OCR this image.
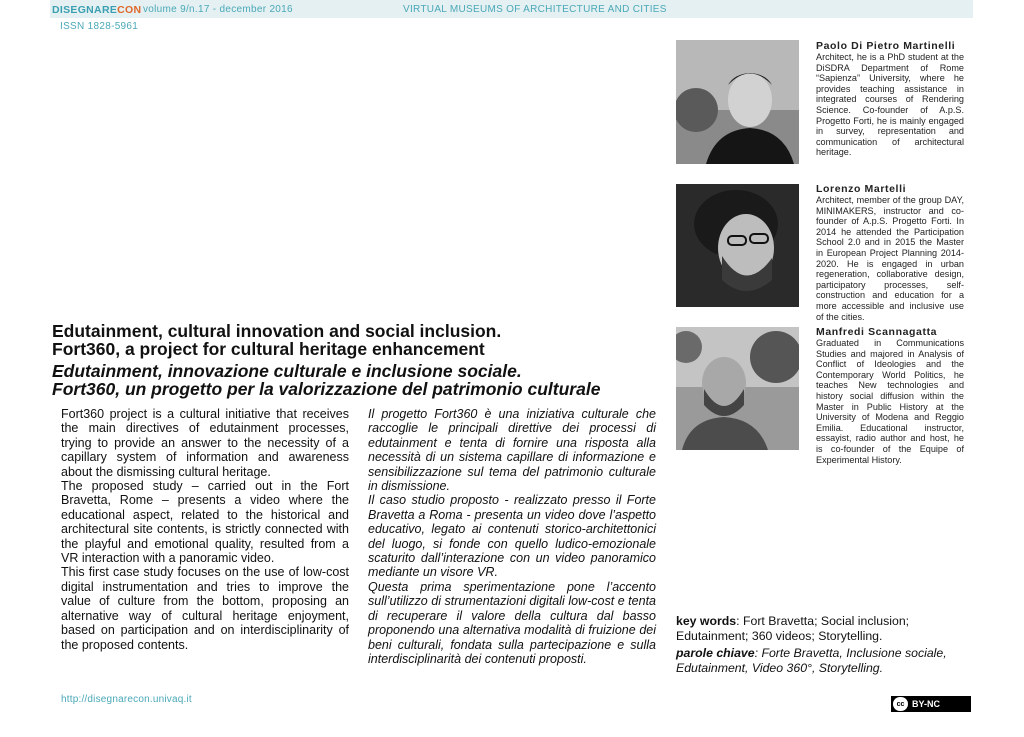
DISEGNARECON volume 9/n.17 - december 2016	VIRTUAL MUSEUMS OF ARCHITECTURE AND CITIES
ISSN 1828-5961
Paolo Di Pietro Martinelli
Architect, he is a PhD student at the DiSDRA Department of Rome “Sapienza” University, where he provides teaching assistance in integrated courses of Rendering Science. Co-founder of A.p.S. Progetto Forti, he is mainly engaged in survey, representation and communication of architectural heritage.
Lorenzo Martelli
Architect, member of the group DAY, MINIMAKERS, instructor and co-founder of A.p.S. Progetto Forti. In 2014 he attended the Participation School 2.0 and in 2015 the Master in European Project Planning 2014-2020. He is engaged in urban regeneration, collaborative design, participatory processes, self-construction and education for a more accessible and inclusive use of the cities.
Manfredi Scannagatta
Graduated in Communications Studies and majored in Analysis of Conflict of Ideologies and the Contemporary World Politics, he teaches New technologies and history social diffusion within the Master in Public History at the University of Modena and Reggio Emilia. Educational instructor, essayist, radio author and host, he is co-founder of the Equipe of Experimental History.
Edutainment, cultural innovation and social inclusion.
Fort360, a project for cultural heritage enhancement
Edutainment, innovazione culturale e inclusione sociale.
Fort360, un progetto per la valorizzazione del patrimonio culturale

Fort360 project is a cultural initiative that receives the main directives of edutainment processes, trying to provide an answer to the necessity of a capillary system of information and awareness about the dismissing cultural heritage.

The proposed study – carried out in the Fort Bravetta, Rome – presents a video where the educational aspect, related to the historical and architectural site contents, is strictly connected with the playful and emotional quality, resulted from a VR interaction with a panoramic video.

This first case study focuses on the use of low-cost digital instrumentation and tries to improve the value of culture from the bottom, proposing an alternative way of cultural heritage enjoyment, based on participation and on interdisciplinarity of the proposed contents.

Il progetto Fort360 è una iniziativa culturale che raccoglie le principali direttive dei processi di edutainment e tenta di fornire una risposta alla necessità di un sistema capillare di informazione e sensibilizzazione sul tema del patrimonio culturale in dismissione.

Il caso studio proposto - realizzato presso il Forte Bravetta a Roma - presenta un video dove l’aspetto educativo, legato ai contenuti storico-architettonici del luogo, si fonde con quello ludico-emozionale scaturito dall’interazione con un video panoramico mediante un visore VR.

Questa prima sperimentazione pone l’accento sull’utilizzo di strumentazioni digitali low-cost e tenta di recuperare il valore della cultura dal basso proponendo una alternativa modalità di fruizione dei beni culturali, fondata sulla partecipazione e sulla interdisciplinarità dei contenuti proposti.

key words: Fort Bravetta; Social inclusion; Edutainment; 360 videos; Storytelling.
parole chiave: Forte Bravetta, Inclusione sociale, Edutainment, Video 360°, Storytelling.
http://disegnarecon.univaq.it	cc BY-NC
